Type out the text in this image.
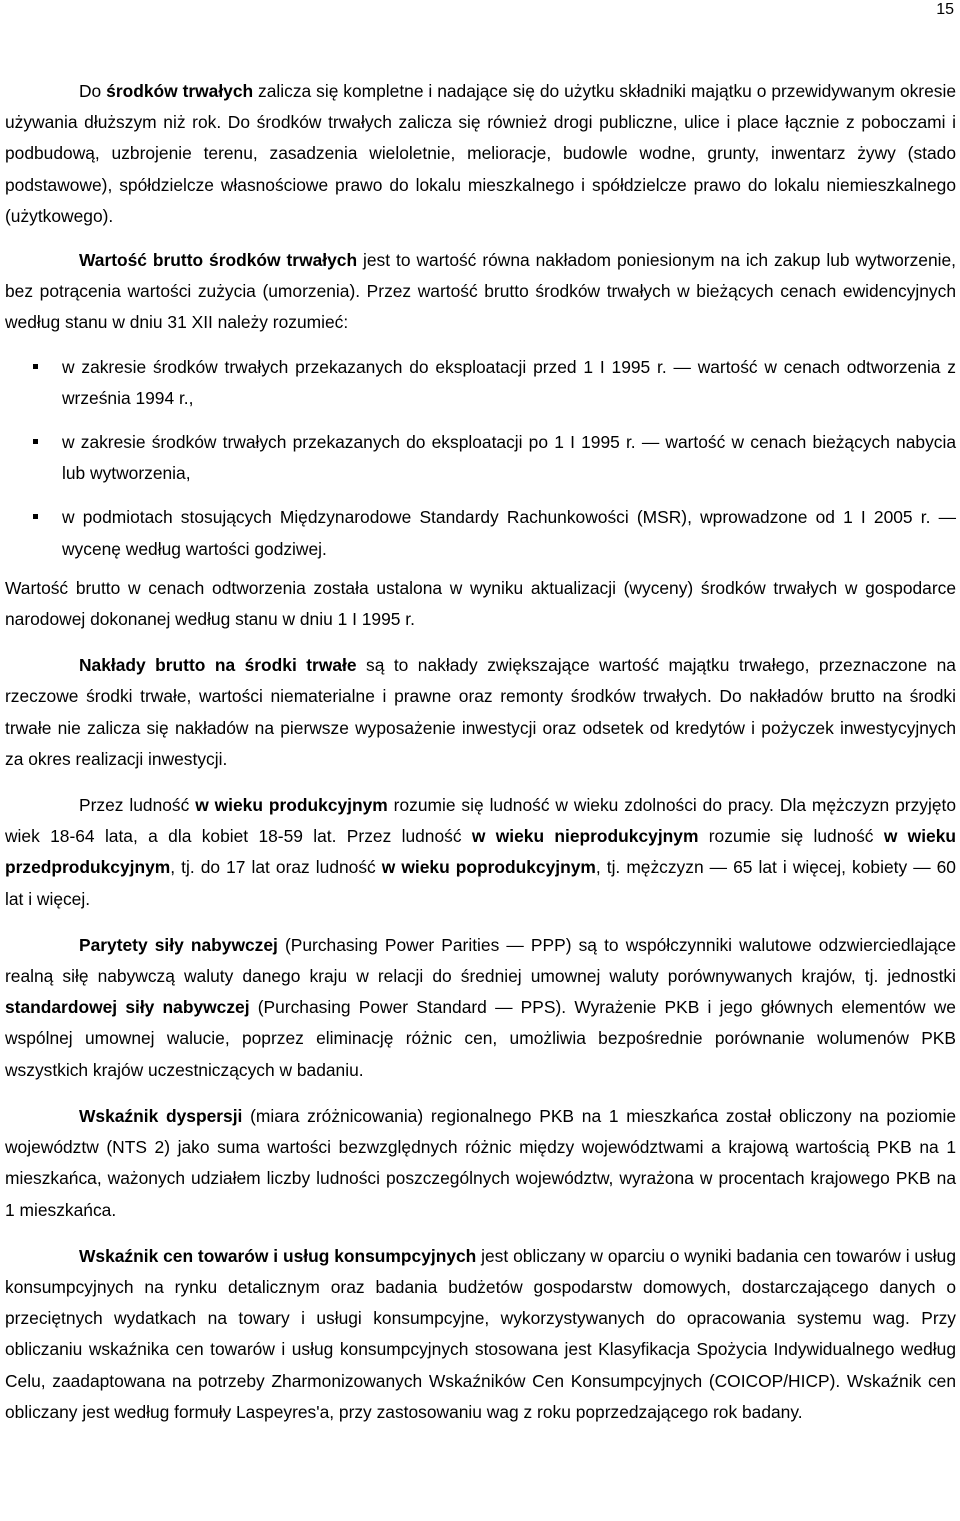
15

Do środków trwałych zalicza się kompletne i nadające się do użytku składniki majątku o przewidywanym okresie używania dłuższym niż rok. Do środków trwałych zalicza się również drogi publiczne, ulice i place łącznie z poboczami i podbudową, uzbrojenie terenu, zasadzenia wieloletnie, melioracje, budowle wodne, grunty, inwentarz żywy (stado podstawowe), spółdzielcze własnościowe prawo do lokalu mieszkalnego i spółdzielcze prawo do lokalu niemieszkalnego (użytkowego).

Wartość brutto środków trwałych jest to wartość równa nakładom poniesionym na ich zakup lub wytworzenie, bez potrącenia wartości zużycia (umorzenia). Przez wartość brutto środków trwałych w bieżących cenach ewidencyjnych według stanu w dniu 31 XII należy rozumieć:

w zakresie środków trwałych przekazanych do eksploatacji przed 1 I 1995 r. — wartość w cenach odtworzenia z września 1994 r.,
w zakresie środków trwałych przekazanych do eksploatacji po 1 I 1995 r. — wartość w cenach bieżących nabycia lub wytworzenia,
w podmiotach stosujących Międzynarodowe Standardy Rachunkowości (MSR), wprowadzone od 1 I 2005 r. — wycenę według wartości godziwej.

Wartość brutto w cenach odtworzenia została ustalona w wyniku aktualizacji (wyceny) środków trwałych w gospodarce narodowej dokonanej według stanu w dniu 1 I 1995 r.

Nakłady brutto na środki trwałe są to nakłady zwiększające wartość majątku trwałego, przeznaczone na rzeczowe środki trwałe, wartości niematerialne i prawne oraz remonty środków trwałych. Do nakładów brutto na środki trwałe nie zalicza się nakładów na pierwsze wyposażenie inwestycji oraz odsetek od kredytów i pożyczek inwestycyjnych za okres realizacji inwestycji.

Przez ludność w wieku produkcyjnym rozumie się ludność w wieku zdolności do pracy. Dla mężczyzn przyjęto wiek 18-64 lata, a dla kobiet 18-59 lat. Przez ludność w wieku nieprodukcyjnym rozumie się ludność w wieku przedprodukcyjnym, tj. do 17 lat oraz ludność w wieku poprodukcyjnym, tj. mężczyzn — 65 lat i więcej, kobiety — 60 lat i więcej.

Parytety siły nabywczej (Purchasing Power Parities — PPP) są to współczynniki walutowe odzwierciedlające realną siłę nabywczą waluty danego kraju w relacji do średniej umownej waluty porównywanych krajów, tj. jednostki standardowej siły nabywczej (Purchasing Power Standard — PPS). Wyrażenie PKB i jego głównych elementów we wspólnej umownej walucie, poprzez eliminację różnic cen, umożliwia bezpośrednie porównanie wolumenów PKB wszystkich krajów uczestniczących w badaniu.

Wskaźnik dyspersji (miara zróżnicowania) regionalnego PKB na 1 mieszkańca został obliczony na poziomie województw (NTS 2) jako suma wartości bezwzględnych różnic między województwami a krajową wartością PKB na 1 mieszkańca, ważonych udziałem liczby ludności poszczególnych województw, wyrażona w procentach krajowego PKB na 1 mieszkańca.

Wskaźnik cen towarów i usług konsumpcyjnych jest obliczany w oparciu o wyniki badania cen towarów i usług konsumpcyjnych na rynku detalicznym oraz badania budżetów gospodarstw domowych, dostarczającego danych o przeciętnych wydatkach na towary i usługi konsumpcyjne, wykorzystywanych do opracowania systemu wag. Przy obliczaniu wskaźnika cen towarów i usług konsumpcyjnych stosowana jest Klasyfikacja Spożycia Indywidualnego według Celu, zaadaptowana na potrzeby Zharmonizowanych Wskaźników Cen Konsumpcyjnych (COICOP/HICP). Wskaźnik cen obliczany jest według formuły Laspeyres'a, przy zastosowaniu wag z roku poprzedzającego rok badany.
